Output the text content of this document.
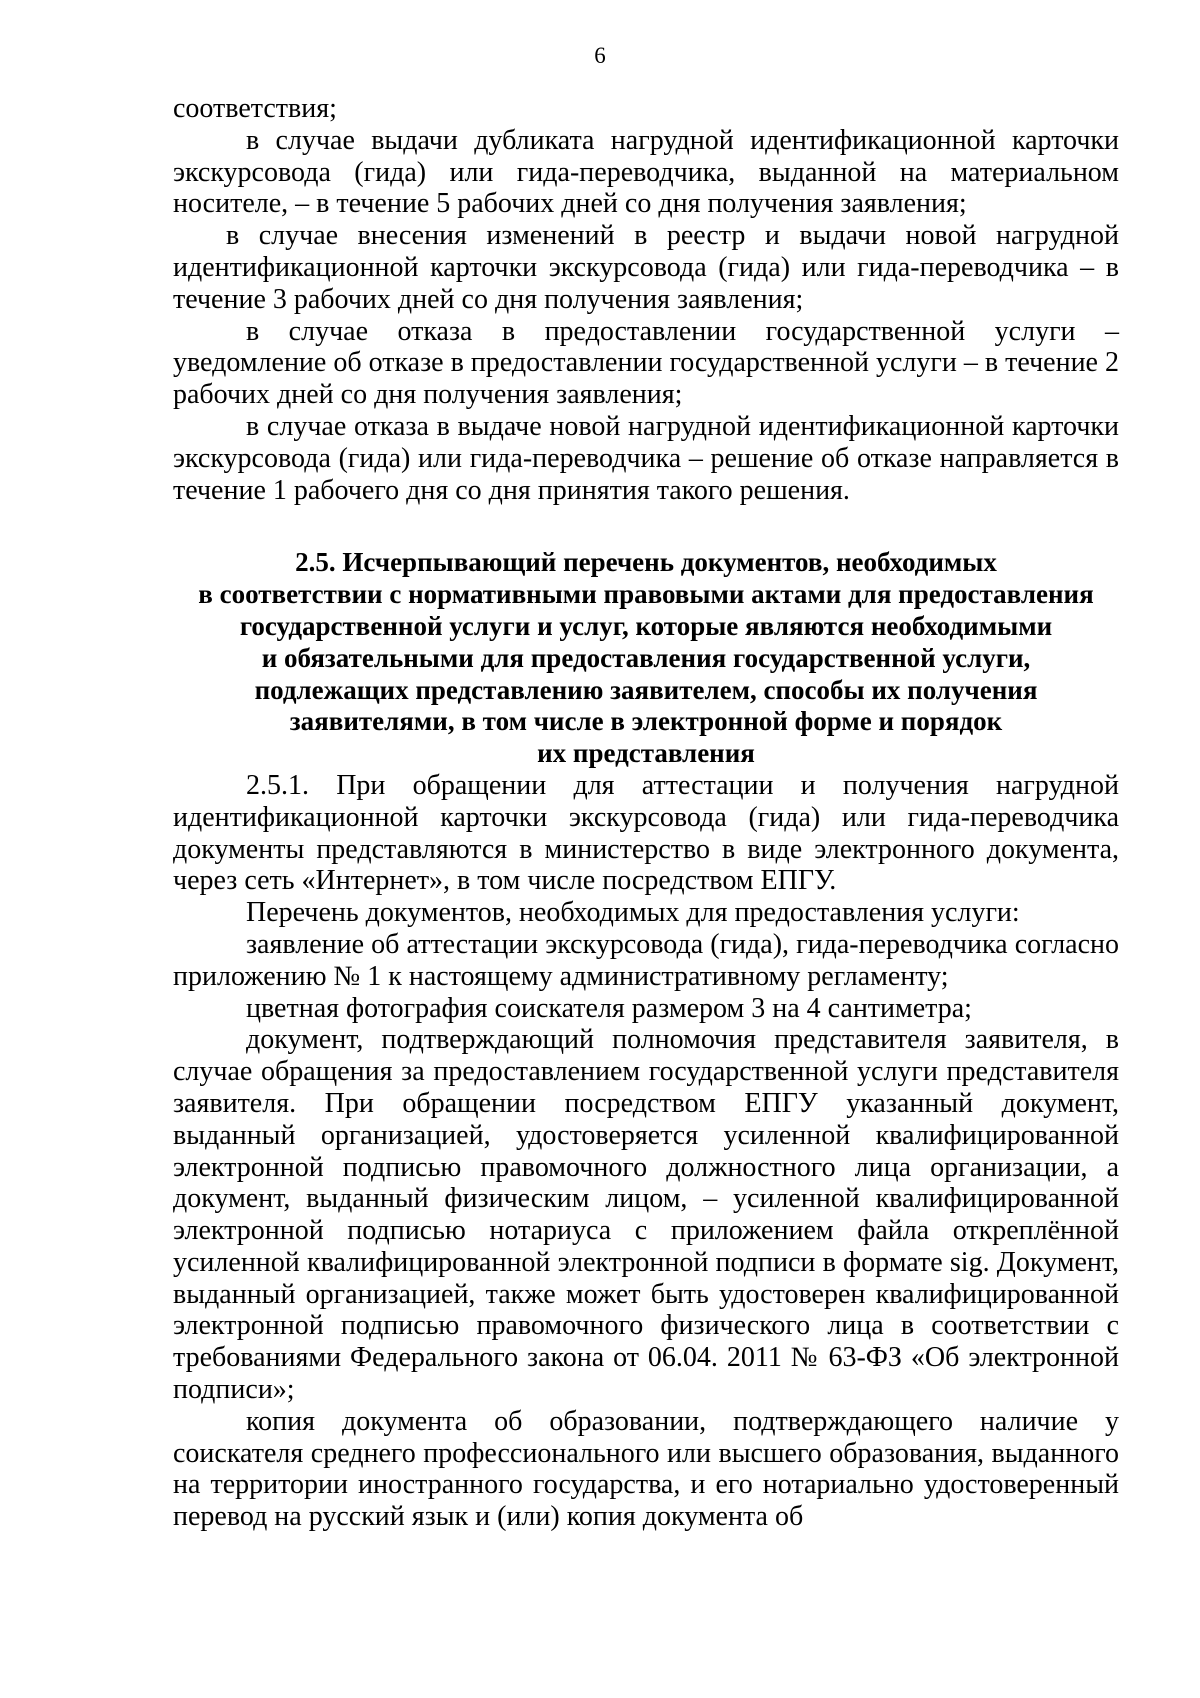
6

соответствия;

в случае выдачи дубликата нагрудной идентификационной карточки экскурсовода (гида) или гида-переводчика, выданной на материальном носителе, – в течение 5 рабочих дней со дня получения заявления;

в случае внесения изменений в реестр и выдачи новой нагрудной идентификационной карточки экскурсовода (гида) или гида-переводчика – в течение 3 рабочих дней со дня получения заявления;

в случае отказа в предоставлении государственной услуги – уведомление об отказе в предоставлении государственной услуги – в течение 2 рабочих дней со дня получения заявления;

в случае отказа в выдаче новой нагрудной идентификационной карточки экскурсовода (гида) или гида-переводчика – решение об отказе направляется в течение 1 рабочего дня со дня принятия такого решения.

2.5. Исчерпывающий перечень документов, необходимых
в соответствии с нормативными правовыми актами для предоставления
государственной услуги и услуг, которые являются необходимыми
и обязательными для предоставления государственной услуги,
подлежащих представлению заявителем, способы их получения
заявителями, в том числе в электронной форме и порядок
их представления

2.5.1. При обращении для аттестации и получения нагрудной идентификационной карточки экскурсовода (гида) или гида-переводчика документы представляются в министерство в виде электронного документа, через сеть «Интернет», в том числе посредством ЕПГУ.

Перечень документов, необходимых для предоставления услуги:

заявление об аттестации экскурсовода (гида), гида-переводчика согласно приложению № 1 к настоящему административному регламенту;

цветная фотография соискателя размером 3 на 4 сантиметра;

документ, подтверждающий полномочия представителя заявителя, в случае обращения за предоставлением государственной услуги представителя заявителя. При обращении посредством ЕПГУ указанный документ, выданный организацией, удостоверяется усиленной квалифицированной электронной подписью правомочного должностного лица организации, а документ, выданный физическим лицом, – усиленной квалифицированной электронной подписью нотариуса с приложением файла открeплённой усиленной квалифицированной электронной подписи в формате sig. Документ, выданный организацией, также может быть удостоверен квалифицированной электронной подписью правомочного физического лица в соответствии с требованиями Федерального закона от 06.04. 2011 № 63-ФЗ «Об электронной подписи»;

копия документа об образовании, подтверждающего наличие у соискателя среднего профессионального или высшего образования, выданного на территории иностранного государства, и его нотариально удостоверенный перевод на русский язык и (или) копия документа об
